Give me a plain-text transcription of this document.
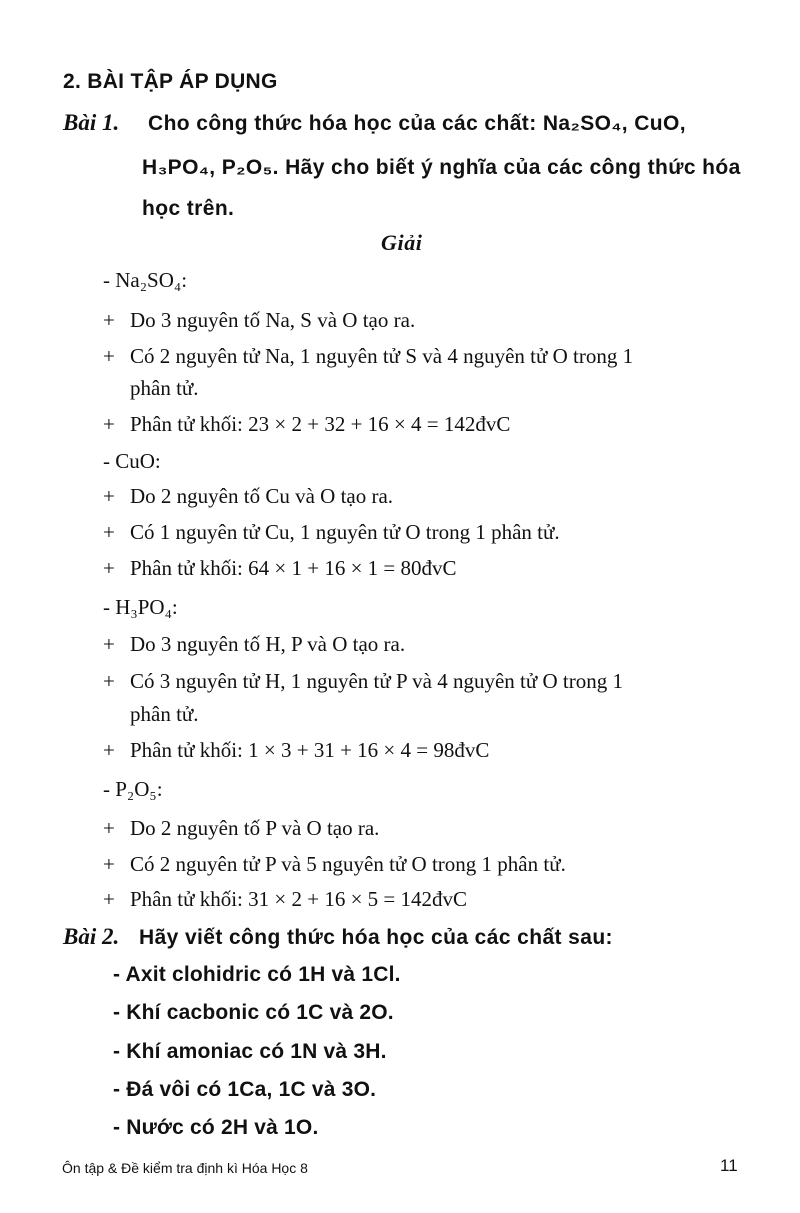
2. BÀI TẬP ÁP DỤNG
Bài 1. Cho công thức hóa học của các chất: Na₂SO₄, CuO,
H₃PO₄, P₂O₅. Hãy cho biết ý nghĩa của các công thức hóa
học trên.
Giải
- Na₂SO₄:
+ Do 3 nguyên tố Na, S và O tạo ra.
+ Có 2 nguyên tử Na, 1 nguyên tử S và 4 nguyên tử O trong 1
phân tử.
+ Phân tử khối: 23 × 2 + 32 + 16 × 4 = 142đvC
- CuO:
+ Do 2 nguyên tố Cu và O tạo ra.
+ Có 1 nguyên tử Cu, 1 nguyên tử O trong 1 phân tử.
+ Phân tử khối: 64 × 1 + 16 × 1 = 80đvC
- H₃PO₄:
+ Do 3 nguyên tố H, P và O tạo ra.
+ Có 3 nguyên tử H, 1 nguyên tử P và 4 nguyên tử O trong 1
phân tử.
+ Phân tử khối: 1 × 3 + 31 + 16 × 4 = 98đvC
- P₂O₅:
+ Do 2 nguyên tố P và O tạo ra.
+ Có 2 nguyên tử P và 5 nguyên tử O trong 1 phân tử.
+ Phân tử khối: 31 × 2 + 16 × 5 = 142đvC
Bài 2. Hãy viết công thức hóa học của các chất sau:
- Axit clohidric có 1H và 1Cl.
- Khí cacbonic có 1C và 2O.
- Khí amoniac có 1N và 3H.
- Đá vôi có 1Ca, 1C và 3O.
- Nước có 2H và 1O.
Ôn tập & Đề kiểm tra định kì Hóa Học 8	11
